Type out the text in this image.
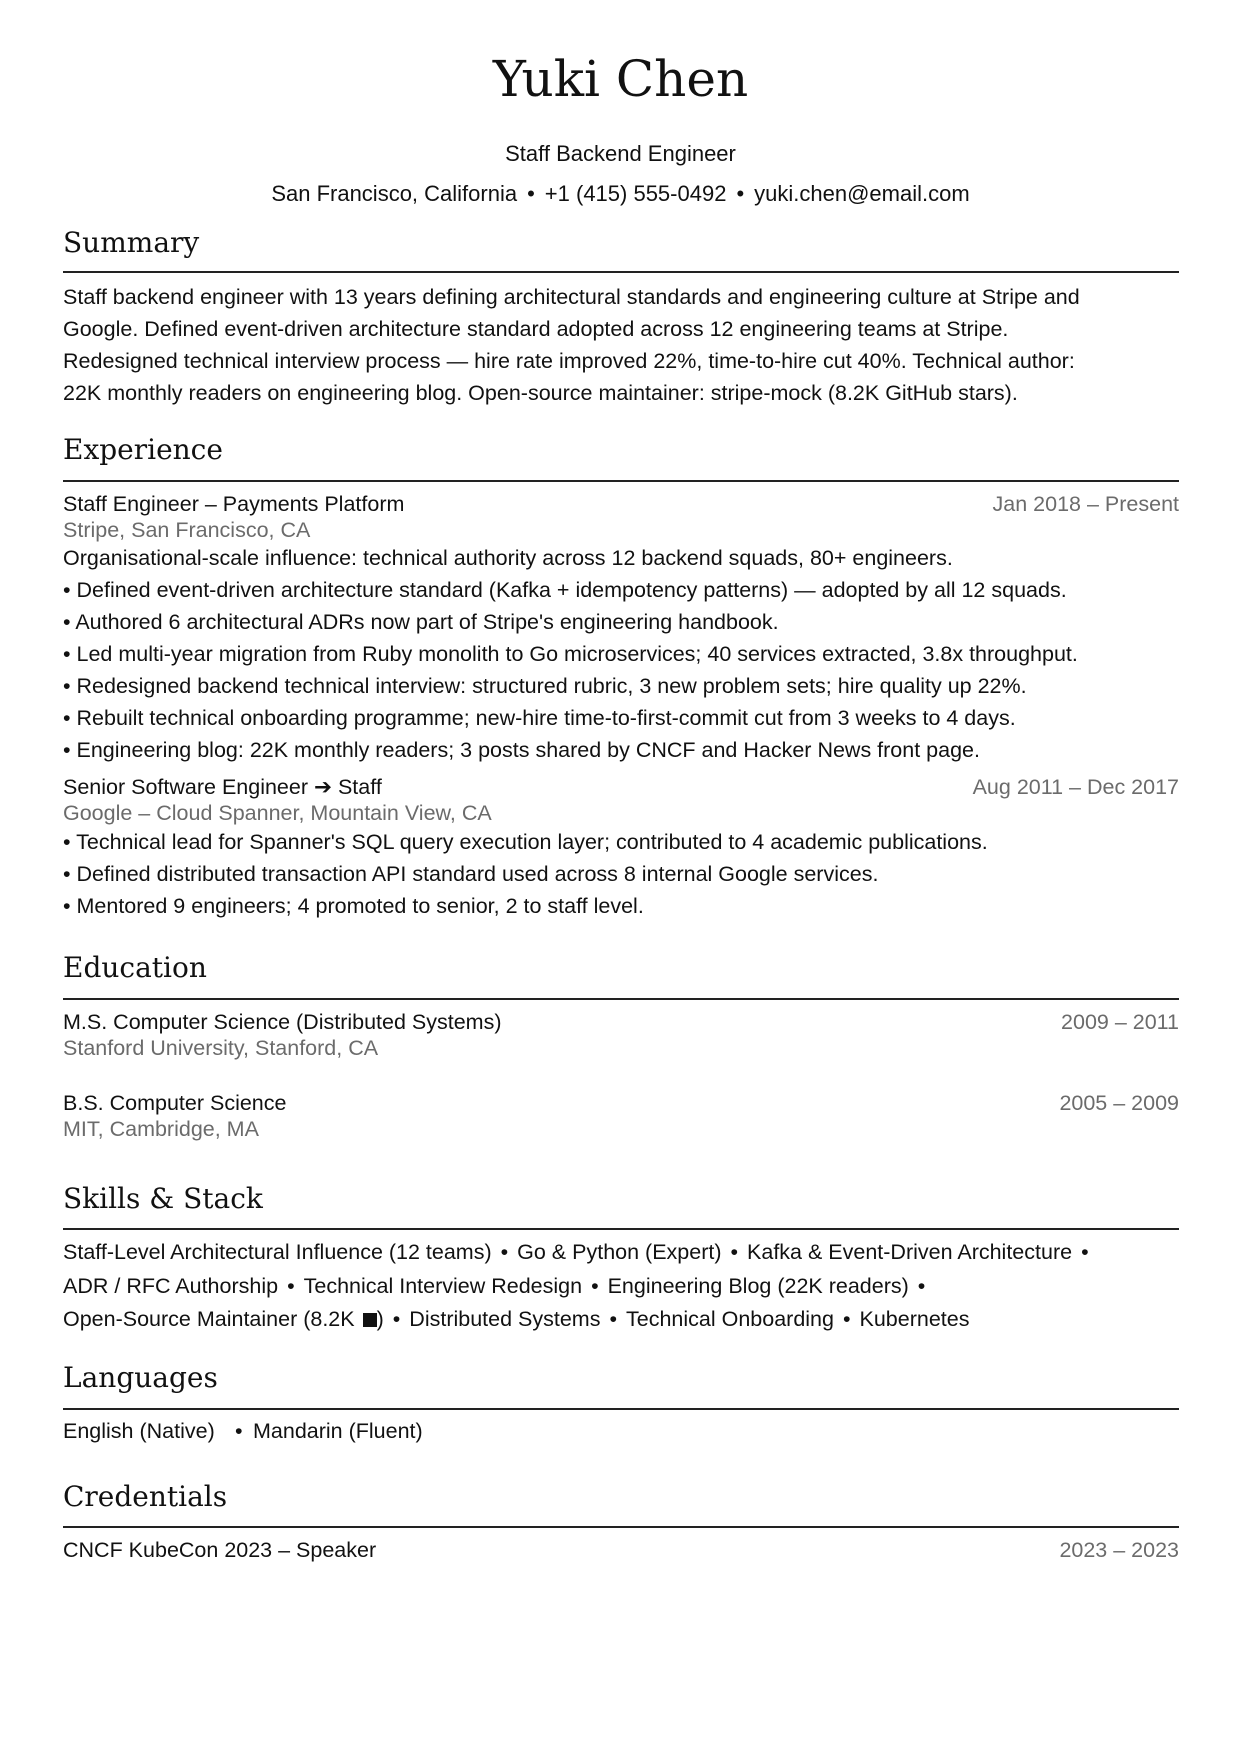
Yuki Chen
Staff Backend Engineer
San Francisco, California • +1 (415) 555-0492 • yuki.chen@email.com
Summary
Staff backend engineer with 13 years defining architectural standards and engineering culture at Stripe and
Google. Defined event-driven architecture standard adopted across 12 engineering teams at Stripe.
Redesigned technical interview process — hire rate improved 22%, time-to-hire cut 40%. Technical author:
22K monthly readers on engineering blog. Open-source maintainer: stripe-mock (8.2K GitHub stars).
Experience
Staff Engineer – Payments Platform	Jan 2018 – Present
Stripe, San Francisco, CA
Organisational-scale influence: technical authority across 12 backend squads, 80+ engineers.
• Defined event-driven architecture standard (Kafka + idempotency patterns) — adopted by all 12 squads.
• Authored 6 architectural ADRs now part of Stripe's engineering handbook.
• Led multi-year migration from Ruby monolith to Go microservices; 40 services extracted, 3.8x throughput.
• Redesigned backend technical interview: structured rubric, 3 new problem sets; hire quality up 22%.
• Rebuilt technical onboarding programme; new-hire time-to-first-commit cut from 3 weeks to 4 days.
• Engineering blog: 22K monthly readers; 3 posts shared by CNCF and Hacker News front page.
Senior Software Engineer ➔ Staff	Aug 2011 – Dec 2017
Google – Cloud Spanner, Mountain View, CA
• Technical lead for Spanner's SQL query execution layer; contributed to 4 academic publications.
• Defined distributed transaction API standard used across 8 internal Google services.
• Mentored 9 engineers; 4 promoted to senior, 2 to staff level.
Education
M.S. Computer Science (Distributed Systems)	2009 – 2011
Stanford University, Stanford, CA
B.S. Computer Science	2005 – 2009
MIT, Cambridge, MA
Skills & Stack
Staff-Level Architectural Influence (12 teams) • Go & Python (Expert) • Kafka & Event-Driven Architecture •
ADR / RFC Authorship • Technical Interview Redesign • Engineering Blog (22K readers) •
Open-Source Maintainer (8.2K ) • Distributed Systems • Technical Onboarding • Kubernetes
Languages
English (Native) • Mandarin (Fluent)
Credentials
CNCF KubeCon 2023 – Speaker	2023 – 2023
